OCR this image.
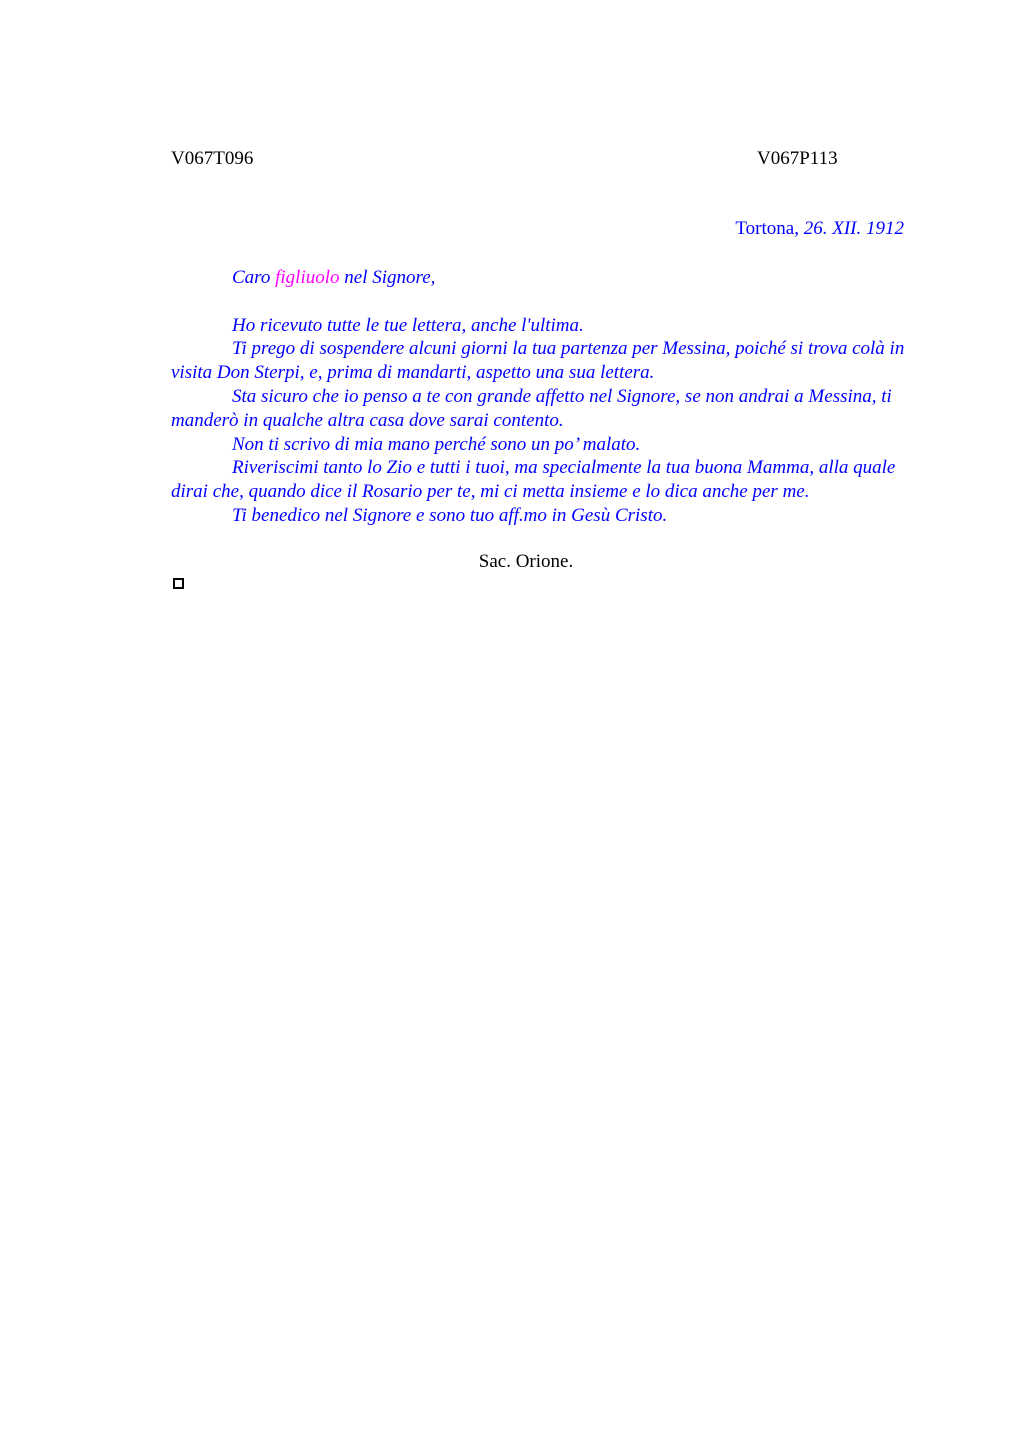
V067T096	V067P113
Tortona, 26. XII. 1912

Caro figliuolo nel Signore,

Ho ricevuto tutte le tue lettera, anche l'ultima.

Ti prego di sospendere alcuni giorni la tua partenza per Messina, poiché si trova colà in visita Don Sterpi, e, prima di mandarti, aspetto una sua lettera.

Sta sicuro che io penso a te con grande affetto nel Signore, se non andrai a Messina, ti manderò in qualche altra casa dove sarai contento.

Non ti scrivo di mia mano perché sono un po’ malato.

Riveriscimi tanto lo Zio e tutti i tuoi, ma specialmente la tua buona Mamma, alla quale dirai che, quando dice il Rosario per te, mi ci metta insieme e lo dica anche per me.

Ti benedico nel Signore e sono tuo aff.mo in Gesù Cristo.

Sac. Orione.
